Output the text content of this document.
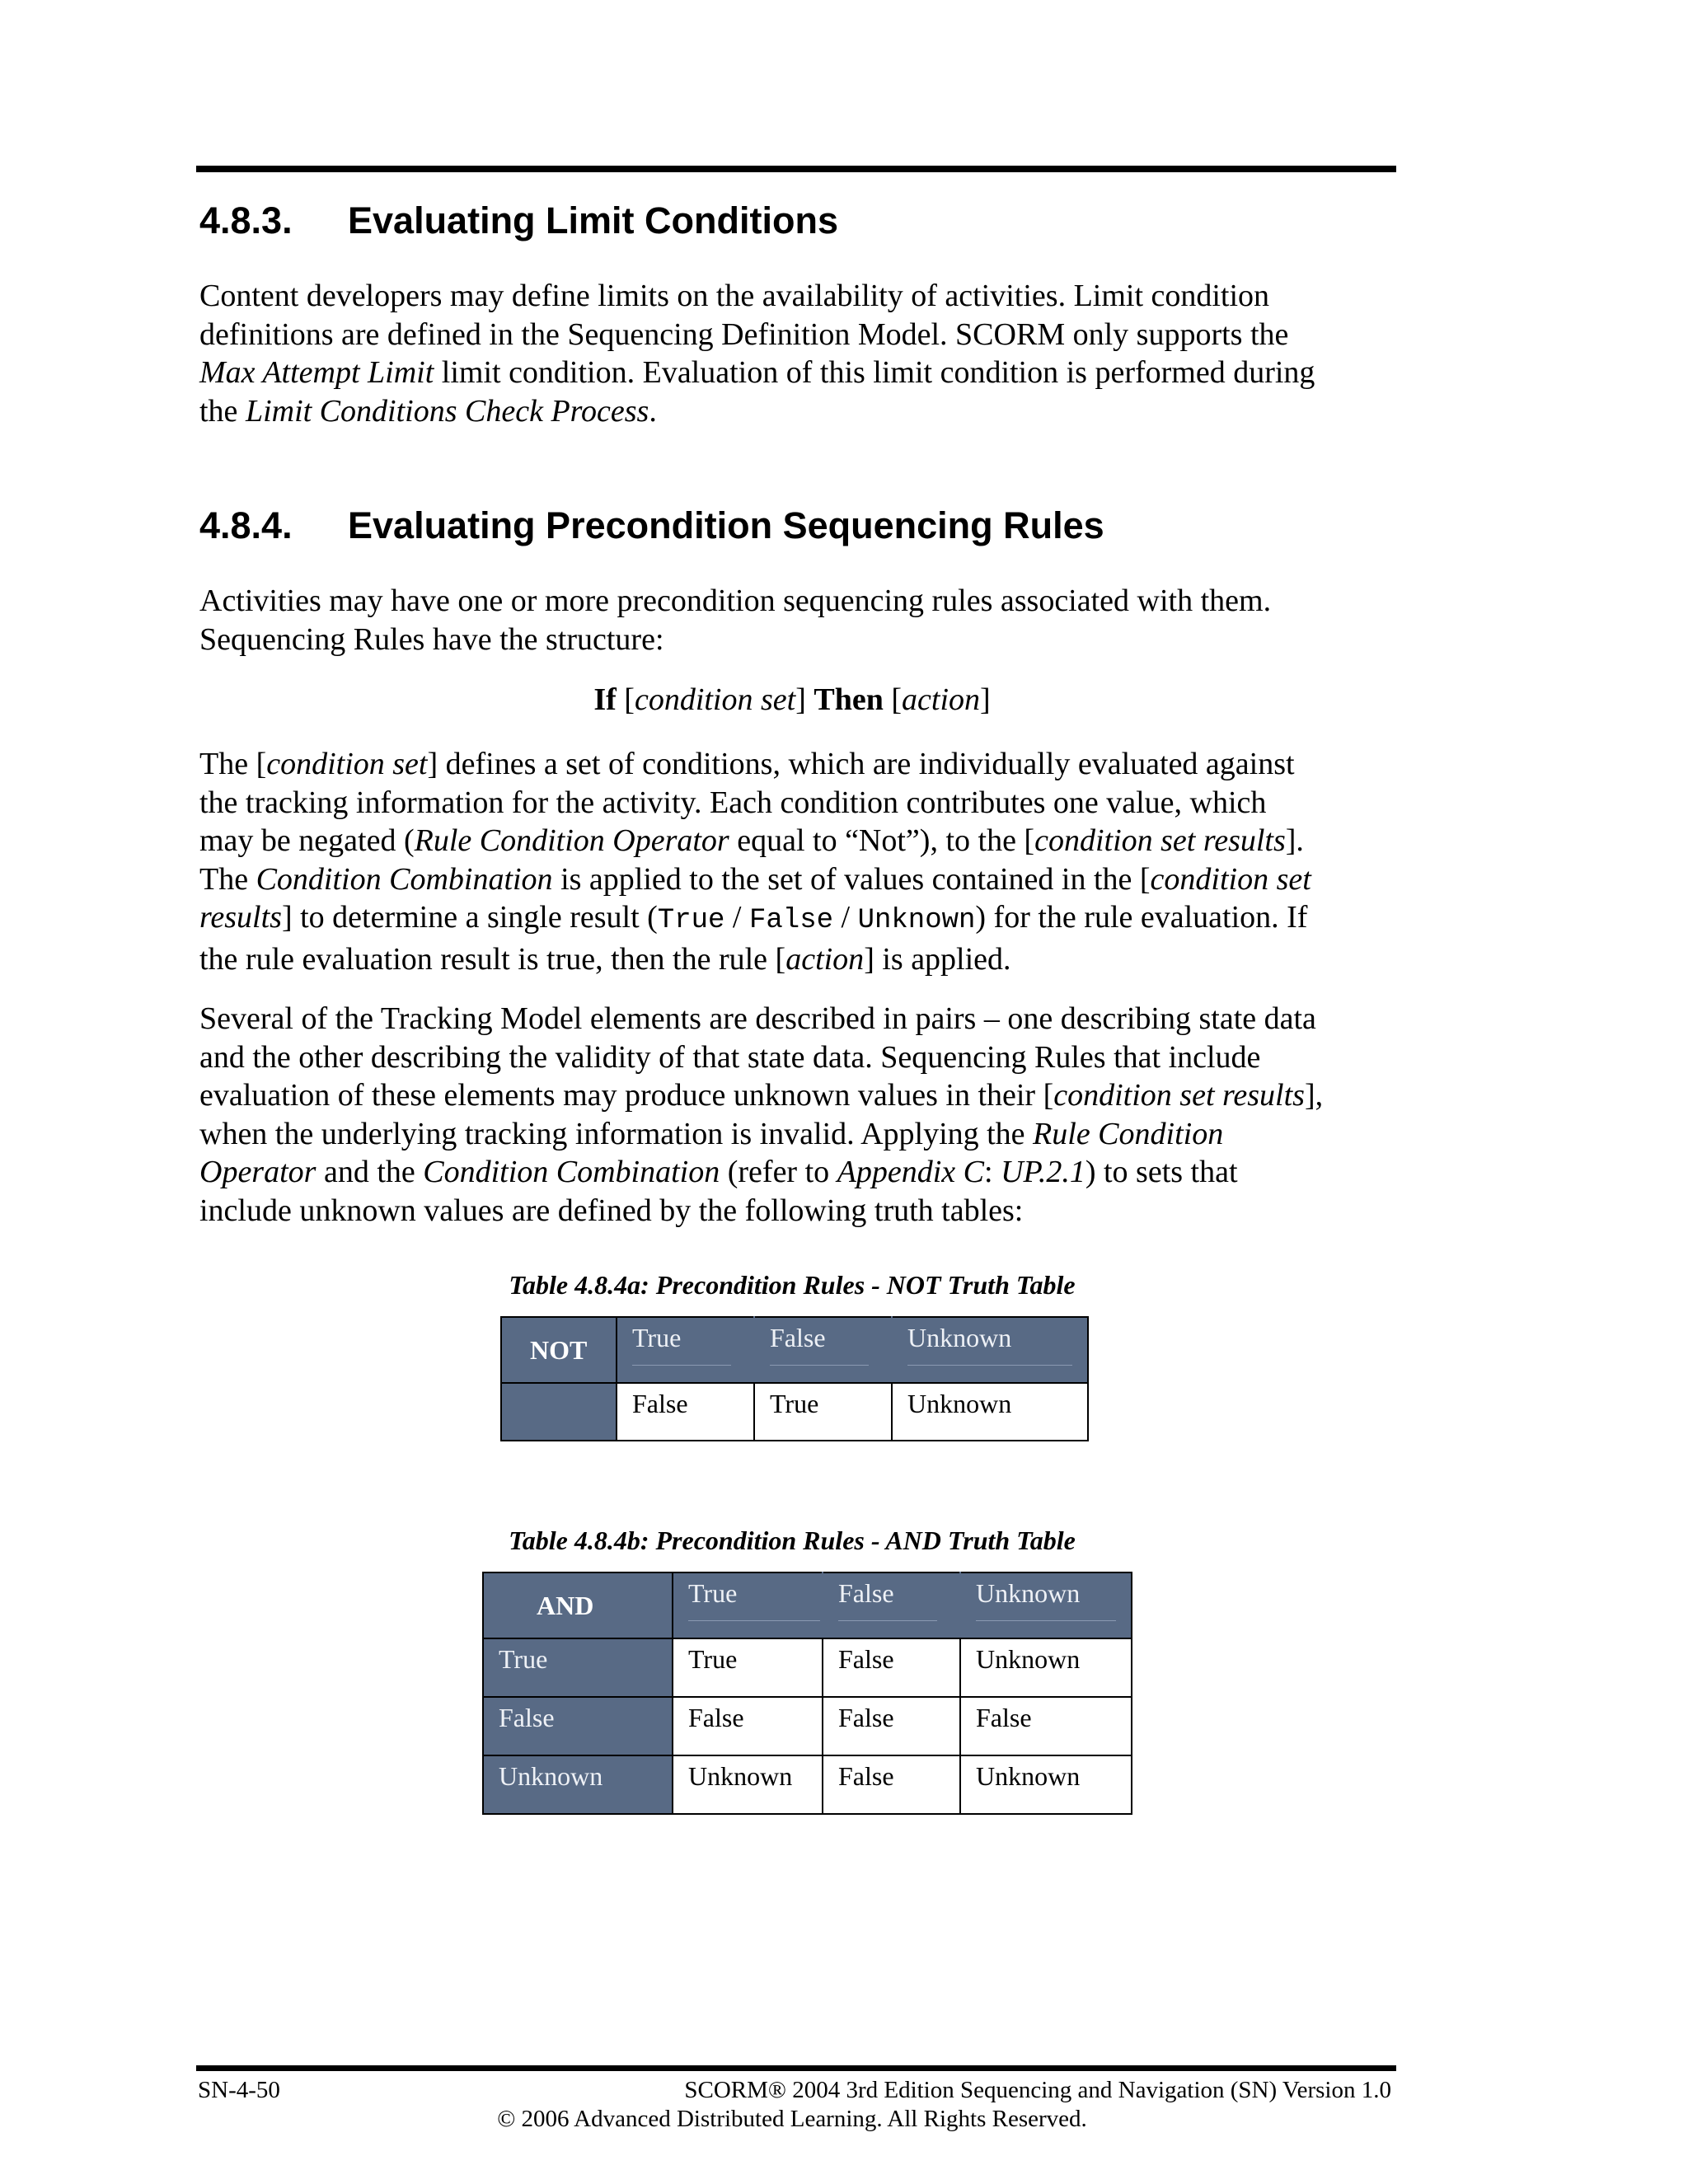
4.8.3. Evaluating Limit Conditions

Content developers may define limits on the availability of activities. Limit condition
definitions are defined in the Sequencing Definition Model. SCORM only supports the
Max Attempt Limit limit condition. Evaluation of this limit condition is performed during
the Limit Conditions Check Process.

4.8.4. Evaluating Precondition Sequencing Rules

Activities may have one or more precondition sequencing rules associated with them.
Sequencing Rules have the structure:

If [condition set] Then [action]

The [condition set] defines a set of conditions, which are individually evaluated against
the tracking information for the activity. Each condition contributes one value, which
may be negated (Rule Condition Operator equal to “Not”), to the [condition set results].
The Condition Combination is applied to the set of values contained in the [condition set
results] to determine a single result (True / False / Unknown) for the rule evaluation. If
the rule evaluation result is true, then the rule [action] is applied.

Several of the Tracking Model elements are described in pairs – one describing state data
and the other describing the validity of that state data. Sequencing Rules that include
evaluation of these elements may produce unknown values in their [condition set results],
when the underlying tracking information is invalid. Applying the Rule Condition
Operator and the Condition Combination (refer to Appendix C: UP.2.1) to sets that
include unknown values are defined by the following truth tables:

Table 4.8.4a: Precondition Rules - NOT Truth Table
NOT	True	False	Unknown
	False	True	Unknown
Table 4.8.4b: Precondition Rules - AND Truth Table
AND	True	False	Unknown
True	True	False	Unknown
False	False	False	False
Unknown	Unknown	False	Unknown
SN-4-50	SCORM® 2004 3rd Edition Sequencing and Navigation (SN) Version 1.0
© 2006 Advanced Distributed Learning. All Rights Reserved.
